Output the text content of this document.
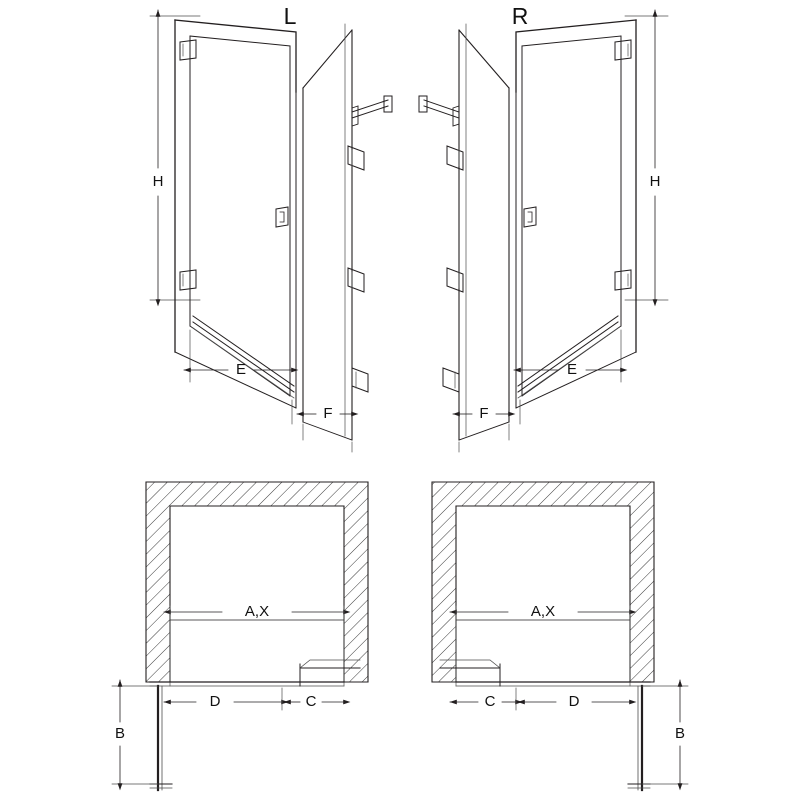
L	R
H	H
E	E
F	F
A,X	A,X
D	C	C	D
B	B
